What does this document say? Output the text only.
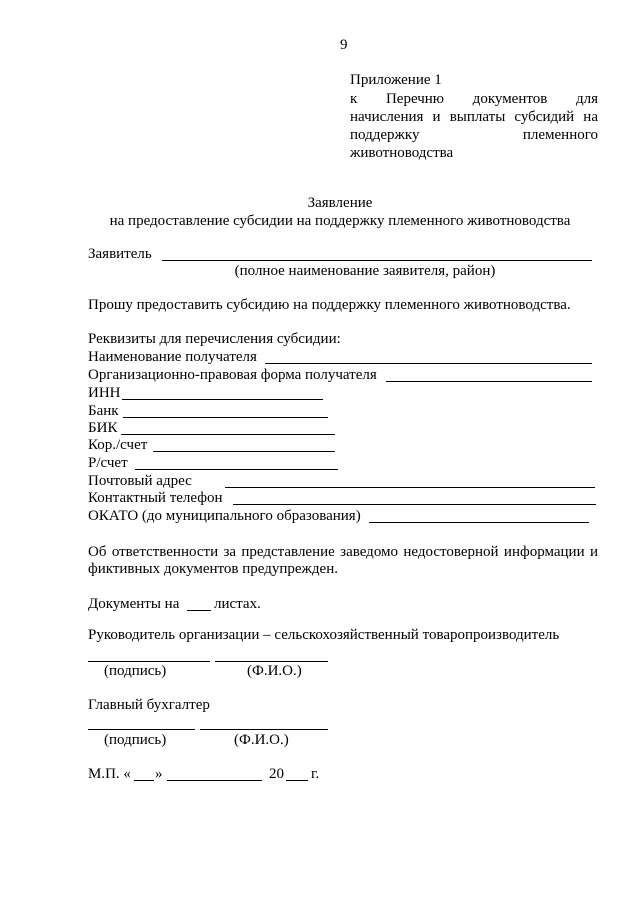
9
Приложение 1
к Перечню документов для
начисления и выплаты субсидий на
поддержку племенного
животноводства
Заявление
на предоставление субсидии на поддержку племенного животноводства
Заявитель
(полное наименование заявителя, район)
Прошу предоставить субсидию на поддержку племенного животноводства.
Реквизиты для перечисления субсидии:
Наименование получателя
Организационно-правовая форма получателя
ИНН
Банк
БИК
Кор./счет
Р/счет
Почтовый адрес
Контактный телефон
ОКАТО (до муниципального образования)
Об ответственности за представление заведомо недостоверной информации и
фиктивных документов предупрежден.
Документы на листах.
Руководитель организации – сельскохозяйственный товаропроизводитель
(подпись)	(Ф.И.О.)
Главный бухгалтер
(подпись)	(Ф.И.О.)
М.П. « »	20 г.
